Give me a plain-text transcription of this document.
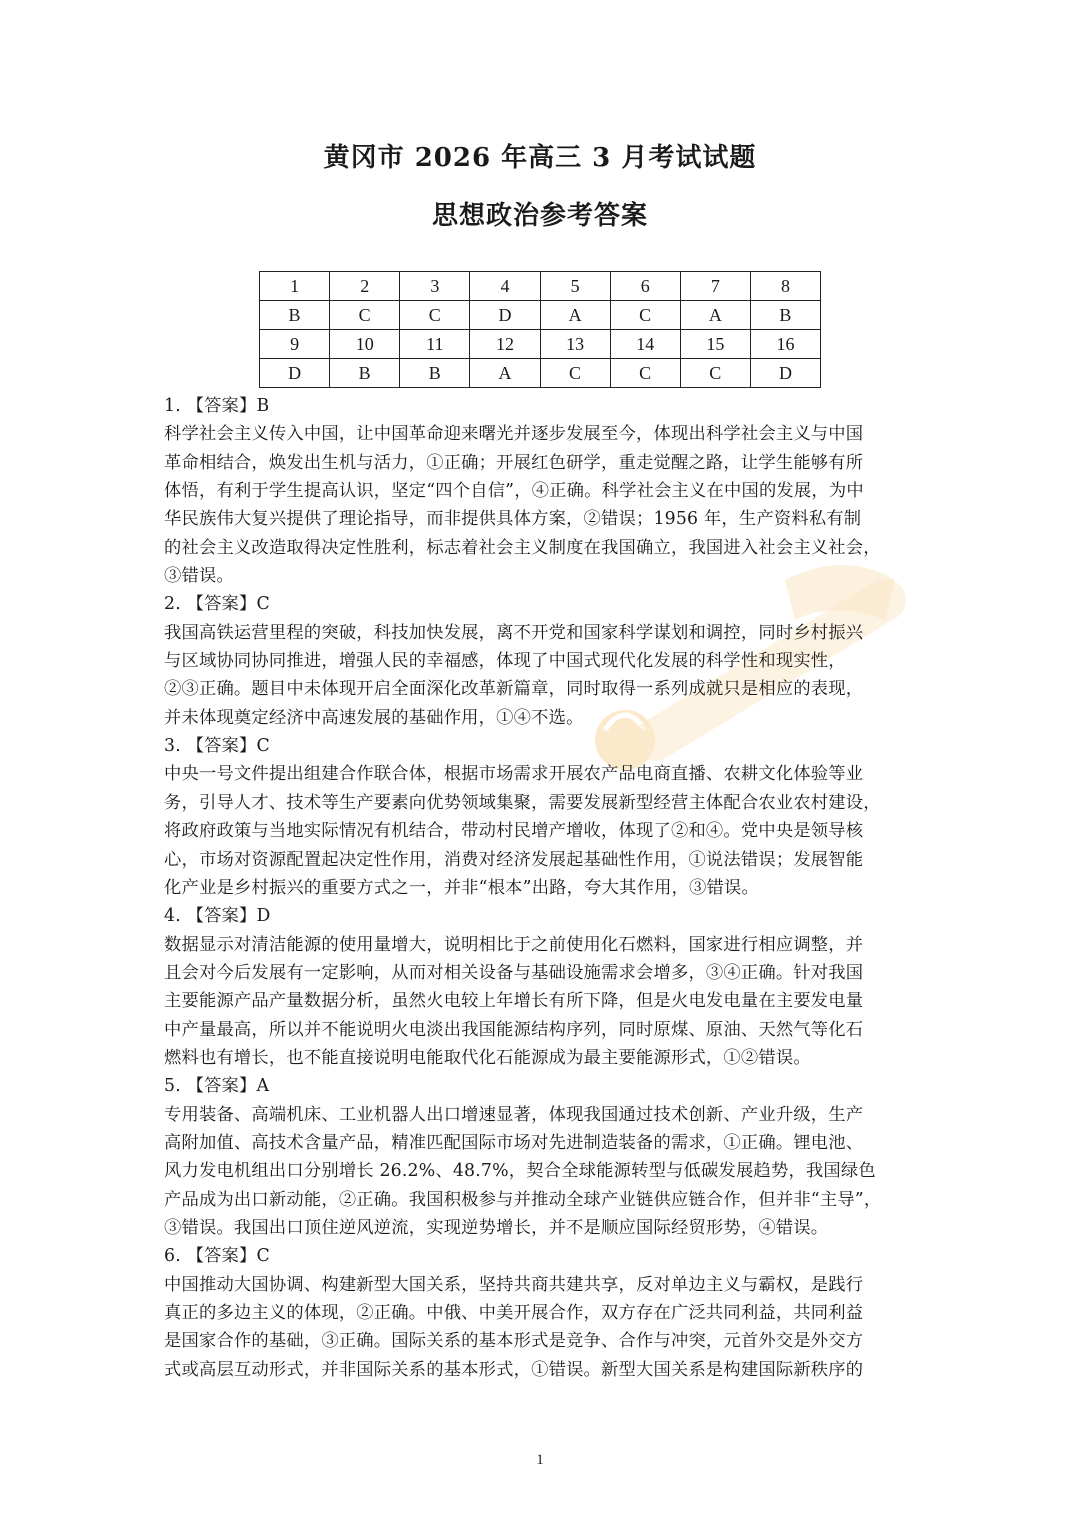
黄冈市 2026 年高三 3 月考试试题
思想政治参考答案
1	2	3	4	5	6	7	8
B	C	C	D	A	C	A	B
9	10	11	12	13	14	15	16
D	B	B	A	C	C	C	D

1. 【答案】B

科学社会主义传入中国，让中国革命迎来曙光并逐步发展至今，体现出科学社会主义与中国

革命相结合，焕发出生机与活力，①正确；开展红色研学，重走觉醒之路，让学生能够有所

体悟，有利于学生提高认识，坚定“四个自信”，④正确。科学社会主义在中国的发展，为中

华民族伟大复兴提供了理论指导，而非提供具体方案，②错误；1956 年，生产资料私有制

的社会主义改造取得决定性胜利，标志着社会主义制度在我国确立，我国进入社会主义社会，

③错误。

2. 【答案】C

我国高铁运营里程的突破，科技加快发展，离不开党和国家科学谋划和调控，同时乡村振兴

与区域协同协同推进，增强人民的幸福感，体现了中国式现代化发展的科学性和现实性，

②③正确。题目中未体现开启全面深化改革新篇章，同时取得一系列成就只是相应的表现，

并未体现奠定经济中高速发展的基础作用，①④不选。

3. 【答案】C

中央一号文件提出组建合作联合体，根据市场需求开展农产品电商直播、农耕文化体验等业

务，引导人才、技术等生产要素向优势领域集聚，需要发展新型经营主体配合农业农村建设，

将政府政策与当地实际情况有机结合，带动村民增产增收，体现了②和④。党中央是领导核

心，市场对资源配置起决定性作用，消费对经济发展起基础性作用，①说法错误；发展智能

化产业是乡村振兴的重要方式之一，并非“根本”出路，夸大其作用，③错误。

4. 【答案】D

数据显示对清洁能源的使用量增大，说明相比于之前使用化石燃料，国家进行相应调整，并

且会对今后发展有一定影响，从而对相关设备与基础设施需求会增多，③④正确。针对我国

主要能源产品产量数据分析，虽然火电较上年增长有所下降，但是火电发电量在主要发电量

中产量最高，所以并不能说明火电淡出我国能源结构序列，同时原煤、原油、天然气等化石

燃料也有增长，也不能直接说明电能取代化石能源成为最主要能源形式，①②错误。

5. 【答案】A

专用装备、高端机床、工业机器人出口增速显著，体现我国通过技术创新、产业升级，生产

高附加值、高技术含量产品，精准匹配国际市场对先进制造装备的需求，①正确。锂电池、

风力发电机组出口分别增长 26.2%、48.7%，契合全球能源转型与低碳发展趋势，我国绿色

产品成为出口新动能，②正确。我国积极参与并推动全球产业链供应链合作，但并非“主导”，

③错误。我国出口顶住逆风逆流，实现逆势增长，并不是顺应国际经贸形势，④错误。

6. 【答案】C

中国推动大国协调、构建新型大国关系，坚持共商共建共享，反对单边主义与霸权，是践行

真正的多边主义的体现，②正确。中俄、中美开展合作，双方存在广泛共同利益，共同利益

是国家合作的基础，③正确。国际关系的基本形式是竞争、合作与冲突，元首外交是外交方

式或高层互动形式，并非国际关系的基本形式，①错误。新型大国关系是构建国际新秩序的

1
